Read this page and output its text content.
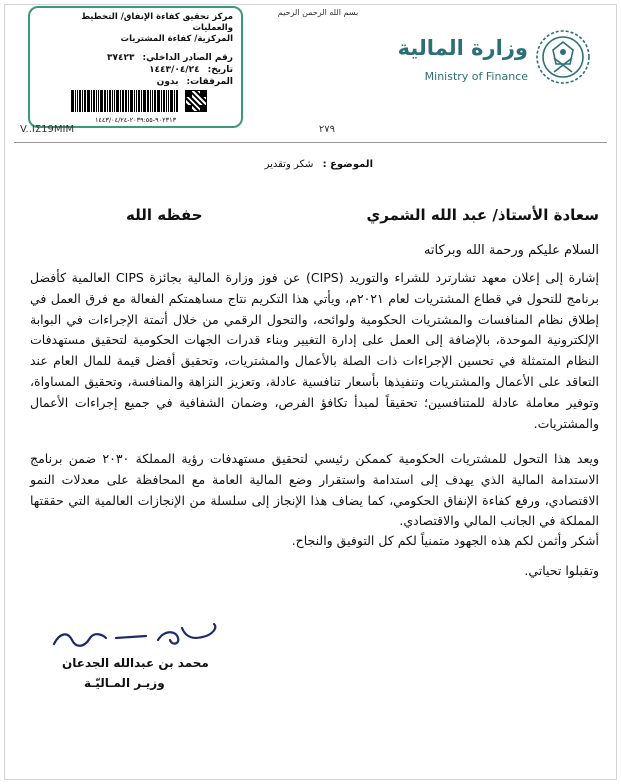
مركز تحقيق كفاءة الإنفاق/ التخطيط والعمليات
المركزية/ كفاءة المشتريات
رقم الصادر الداخلي:
٣٧٤٢٣
تاريخ:
١٤٤٣/٠٤/٢٤
المرفقات:
بدون
٩٠٢٣١٣-٢٠٣٩:٥٥-١٤٤٣/٠٤/٢٤
بسم الله الرحمن الرحيم
وزارة المالية
Ministry of Finance
V..IΣ19MIM	٢٧٩
الموضوع : شكر وتقدير
سعادة الأستاذ/ عبد الله الشمري
حفظه الله
السلام عليكم ورحمة الله وبركاته

إشارة إلى إعلان معهد تشارترد للشراء والتوريد (CIPS) عن فوز وزارة المالية بجائزة CIPS العالمية كأفضل برنامج للتحول في قطاع المشتريات لعام ٢٠٢١م، ويأتي هذا التكريم نتاج مساهمتكم الفعالة مع فرق العمل في إطلاق نظام المنافسات والمشتريات الحكومية ولوائحه، والتحول الرقمي من خلال أتمتة الإجراءات في البوابة الإلكترونية الموحدة، بالإضافة إلى العمل على إدارة التغيير وبناء قدرات الجهات الحكومية لتحقيق مستهدفات النظام المتمثلة في تحسين الإجراءات ذات الصلة بالأعمال والمشتريات، وتحقيق أفضل قيمة للمال العام عند التعاقد على الأعمال والمشتريات وتنفيذها بأسعار تنافسية عادلة، وتعزيز النزاهة والمنافسة، وتحقيق المساواة، وتوفير معاملة عادلة للمتنافسين؛ تحقيقاً لمبدأ تكافؤ الفرص، وضمان الشفافية في جميع إجراءات الأعمال والمشتريات.

ويعد هذا التحول للمشتريات الحكومية كممكن رئيسي لتحقيق مستهدفات رؤية المملكة ٢٠٣٠ ضمن برنامج الاستدامة المالية الذي يهدف إلى استدامة واستقرار وضع المالية العامة مع المحافظة على معدلات النمو الاقتصادي، ورفع كفاءة الإنفاق الحكومي، كما يضاف هذا الإنجاز إلى سلسلة من الإنجازات العالمية التي حققتها المملكة في الجانب المالي والاقتصادي.

أشكر وأثمن لكم هذه الجهود متمنياً لكم كل التوفيق والنجاح.
وتقبلوا تحياتي.
محمد بن عبدالله الجدعان
وزيـر المـاليّـة
